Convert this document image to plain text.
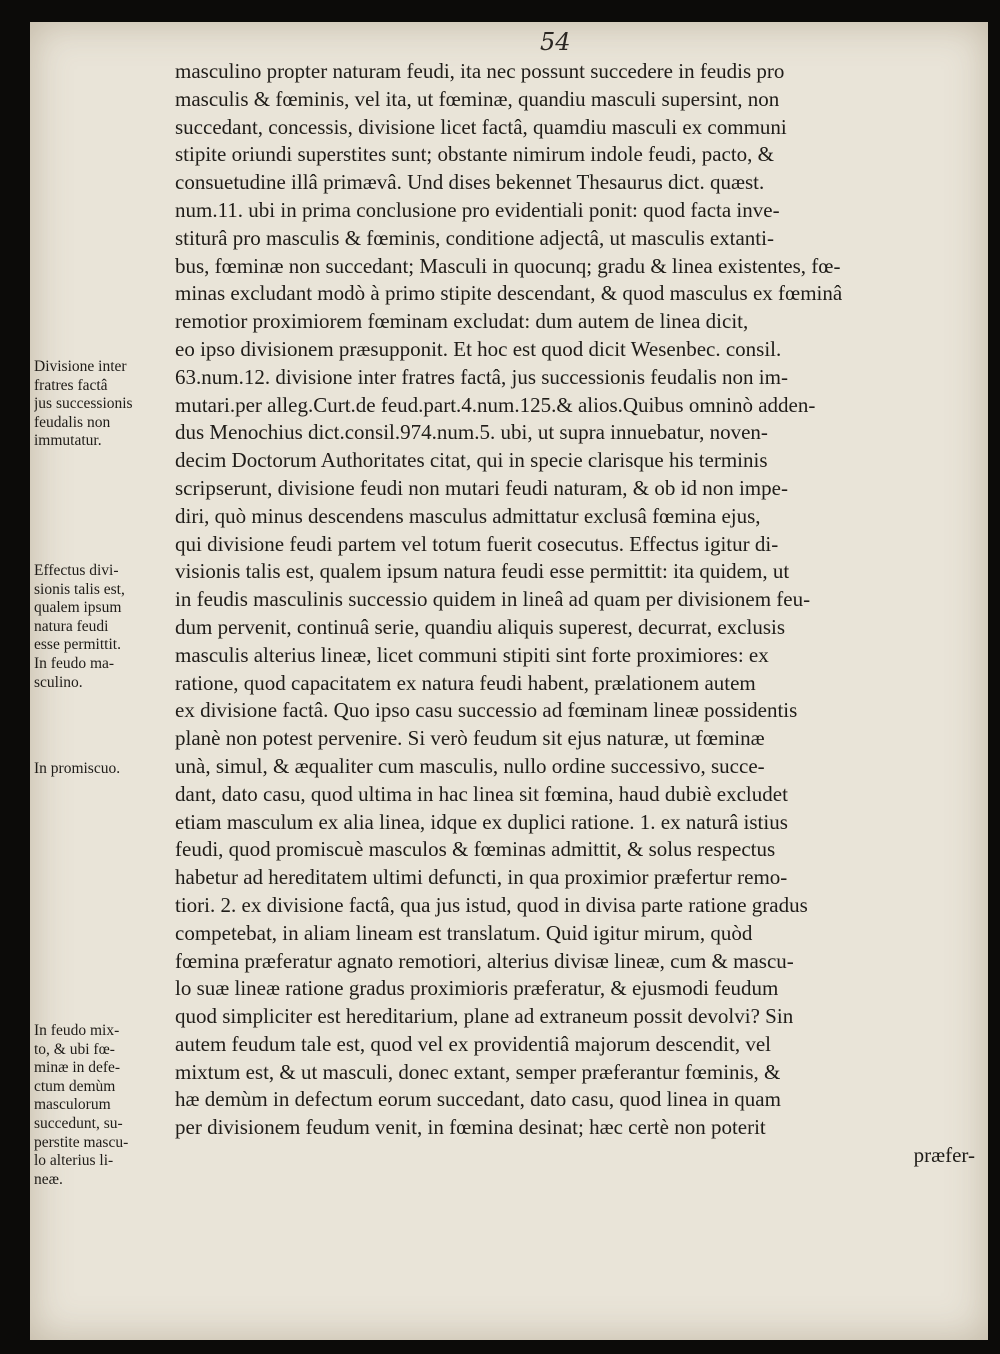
54
masculino propter naturam feudi, ita nec possunt succedere in feudis pro
masculis & fœminis, vel ita, ut fœminæ, quandiu masculi supersint, non
succedant, concessis, divisione licet factâ, quamdiu masculi ex communi
stipite oriundi superstites sunt; obstante nimirum indole feudi, pacto, &
consuetudine illâ primævâ. Und dises bekennet Thesaurus dict. quæst.
num.11. ubi in prima conclusione pro evidentiali ponit: quod facta inve-
stiturâ pro masculis & fœminis, conditione adjectâ, ut masculis extanti-
bus, fœminæ non succedant; Masculi in quocunq; gradu & linea existentes, fœ-
minas excludant modò à primo stipite descendant, & quod masculus ex fœminâ
remotior proximiorem fœminam excludat: dum autem de linea dicit,
eo ipso divisionem præsupponit. Et hoc est quod dicit Wesenbec. consil.
63.num.12. divisione inter fratres factâ, jus successionis feudalis non im-
mutari.per alleg.Curt.de feud.part.4.num.125.& alios.Quibus omninò adden-
dus Menochius dict.consil.974.num.5. ubi, ut supra innuebatur, noven-
decim Doctorum Authoritates citat, qui in specie clarisque his terminis
scripserunt, divisione feudi non mutari feudi naturam, & ob id non impe-
diri, quò minus descendens masculus admittatur exclusâ fœmina ejus,
qui divisione feudi partem vel totum fuerit cosecutus. Effectus igitur di-
visionis talis est, qualem ipsum natura feudi esse permittit: ita quidem, ut
in feudis masculinis successio quidem in lineâ ad quam per divisionem feu-
dum pervenit, continuâ serie, quandiu aliquis superest, decurrat, exclusis
masculis alterius lineæ, licet communi stipiti sint forte proximiores: ex
ratione, quod capacitatem ex natura feudi habent, prælationem autem
ex divisione factâ. Quo ipso casu successio ad fœminam lineæ possidentis
planè non potest pervenire. Si verò feudum sit ejus naturæ, ut fœminæ
unà, simul, & æqualiter cum masculis, nullo ordine successivo, succe-
dant, dato casu, quod ultima in hac linea sit fœmina, haud dubiè excludet
etiam masculum ex alia linea, idque ex duplici ratione. 1. ex naturâ istius
feudi, quod promiscuè masculos & fœminas admittit, & solus respectus
habetur ad hereditatem ultimi defuncti, in qua proximior præfertur remo-
tiori. 2. ex divisione factâ, qua jus istud, quod in divisa parte ratione gradus
competebat, in aliam lineam est translatum. Quid igitur mirum, quòd
fœmina præferatur agnato remotiori, alterius divisæ lineæ, cum & mascu-
lo suæ lineæ ratione gradus proximioris præferatur, & ejusmodi feudum
quod simpliciter est hereditarium, plane ad extraneum possit devolvi? Sin
autem feudum tale est, quod vel ex providentiâ majorum descendit, vel
mixtum est, & ut masculi, donec extant, semper præferantur fœminis, &
hæ demùm in defectum eorum succedant, dato casu, quod linea in quam
per divisionem feudum venit, in fœmina desinat; hæc certè non poterit
præfer-
Divisione inter
fratres factâ
jus successionis
feudalis non
immutatur.
Effectus divi-
sionis talis est,
qualem ipsum
natura feudi
esse permittit.
In feudo ma-
sculino.
In promiscuo.
In feudo mix-
to, & ubi fœ-
minæ in defe-
ctum demùm
masculorum
succedunt, su-
perstite mascu-
lo alterius li-
neæ.
